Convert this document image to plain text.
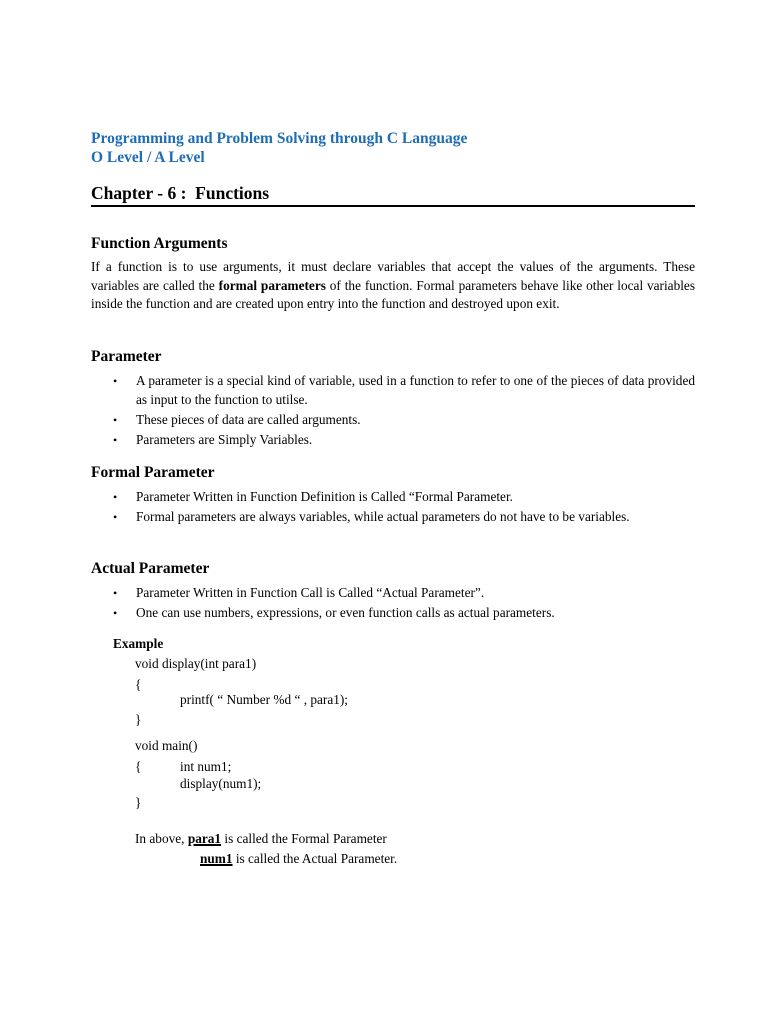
Programming and Problem Solving through C Language
O Level / A Level
Chapter - 6 :  Functions
Function Arguments
If a function is to use arguments, it must declare variables that accept the values of the arguments. These variables are called the formal parameters of the function. Formal parameters behave like other local variables inside the function and are created upon entry into the function and destroyed upon exit.
Parameter
• A parameter is a special kind of variable, used in a function to refer to one of the pieces of data provided as input to the function to utilse.
• These pieces of data are called arguments.
• Parameters are Simply Variables.
Formal Parameter
• Parameter Written in Function Definition is Called “Formal Parameter.
• Formal parameters are always variables, while actual parameters do not have to be variables.
Actual Parameter
• Parameter Written in Function Call is Called “Actual Parameter”.
• One can use numbers, expressions, or even function calls as actual parameters.
Example
void display(int para1)
{
printf( “ Number %d “ , para1);
}
void main()
{	int num1;
display(num1);
}
In above, para1 is called the Formal Parameter
num1 is called the Actual Parameter.
